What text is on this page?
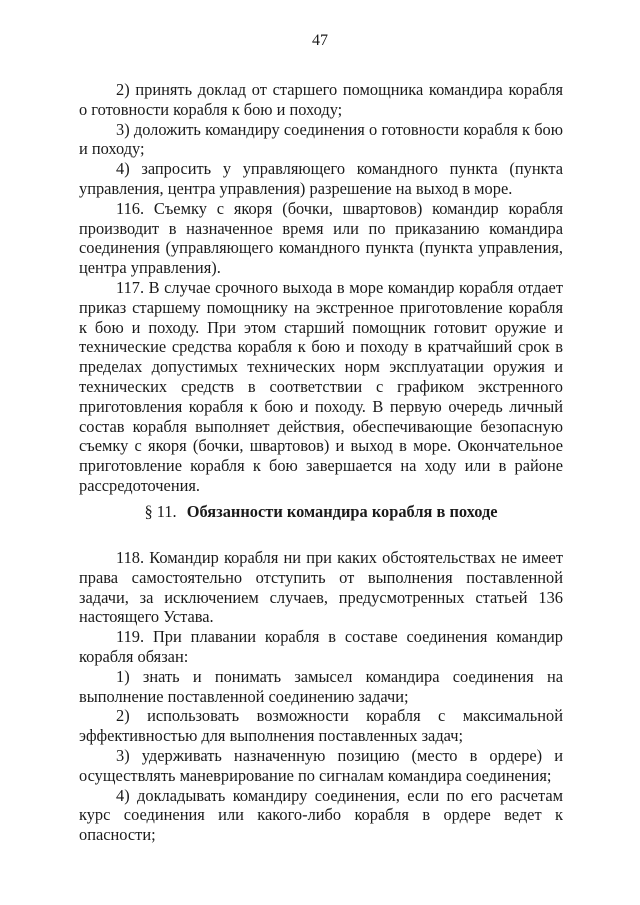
47

2) принять доклад от старшего помощника командира корабля о готовности корабля к бою и походу;

3) доложить командиру соединения о готовности корабля к бою и походу;

4) запросить у управляющего командного пункта (пункта управления, центра управления) разрешение на выход в море.

116. Съемку с якоря (бочки, швартовов) командир корабля производит в назначенное время или по приказанию командира соединения (управляющего командного пункта (пункта управления, центра управления).

117. В случае срочного выхода в море командир корабля отдает приказ старшему помощнику на экстренное приготовление корабля к бою и походу. При этом старший помощник готовит оружие и технические средства корабля к бою и походу в кратчайший срок в пределах допустимых технических норм эксплуатации оружия и технических средств в соответствии с графиком экстренного приготовления корабля к бою и походу. В первую очередь личный состав корабля выполняет действия, обеспечивающие безопасную съемку с якоря (бочки, швартовов) и выход в море. Окончательное приготовление корабля к бою завершается на ходу или в районе рассредоточения.

§ 11. Обязанности командира корабля в походе

118. Командир корабля ни при каких обстоятельствах не имеет права самостоятельно отступить от выполнения поставленной задачи, за исключением случаев, предусмотренных статьей 136 настоящего Устава.

119. При плавании корабля в составе соединения командир корабля обязан:

1) знать и понимать замысел командира соединения на выполнение поставленной соединению задачи;

2) использовать возможности корабля с максимальной эффективностью для выполнения поставленных задач;

3) удерживать назначенную позицию (место в ордере) и осуществлять маневрирование по сигналам командира соединения;

4) докладывать командиру соединения, если по его расчетам курс соединения или какого-либо корабля в ордере ведет к опасности;
